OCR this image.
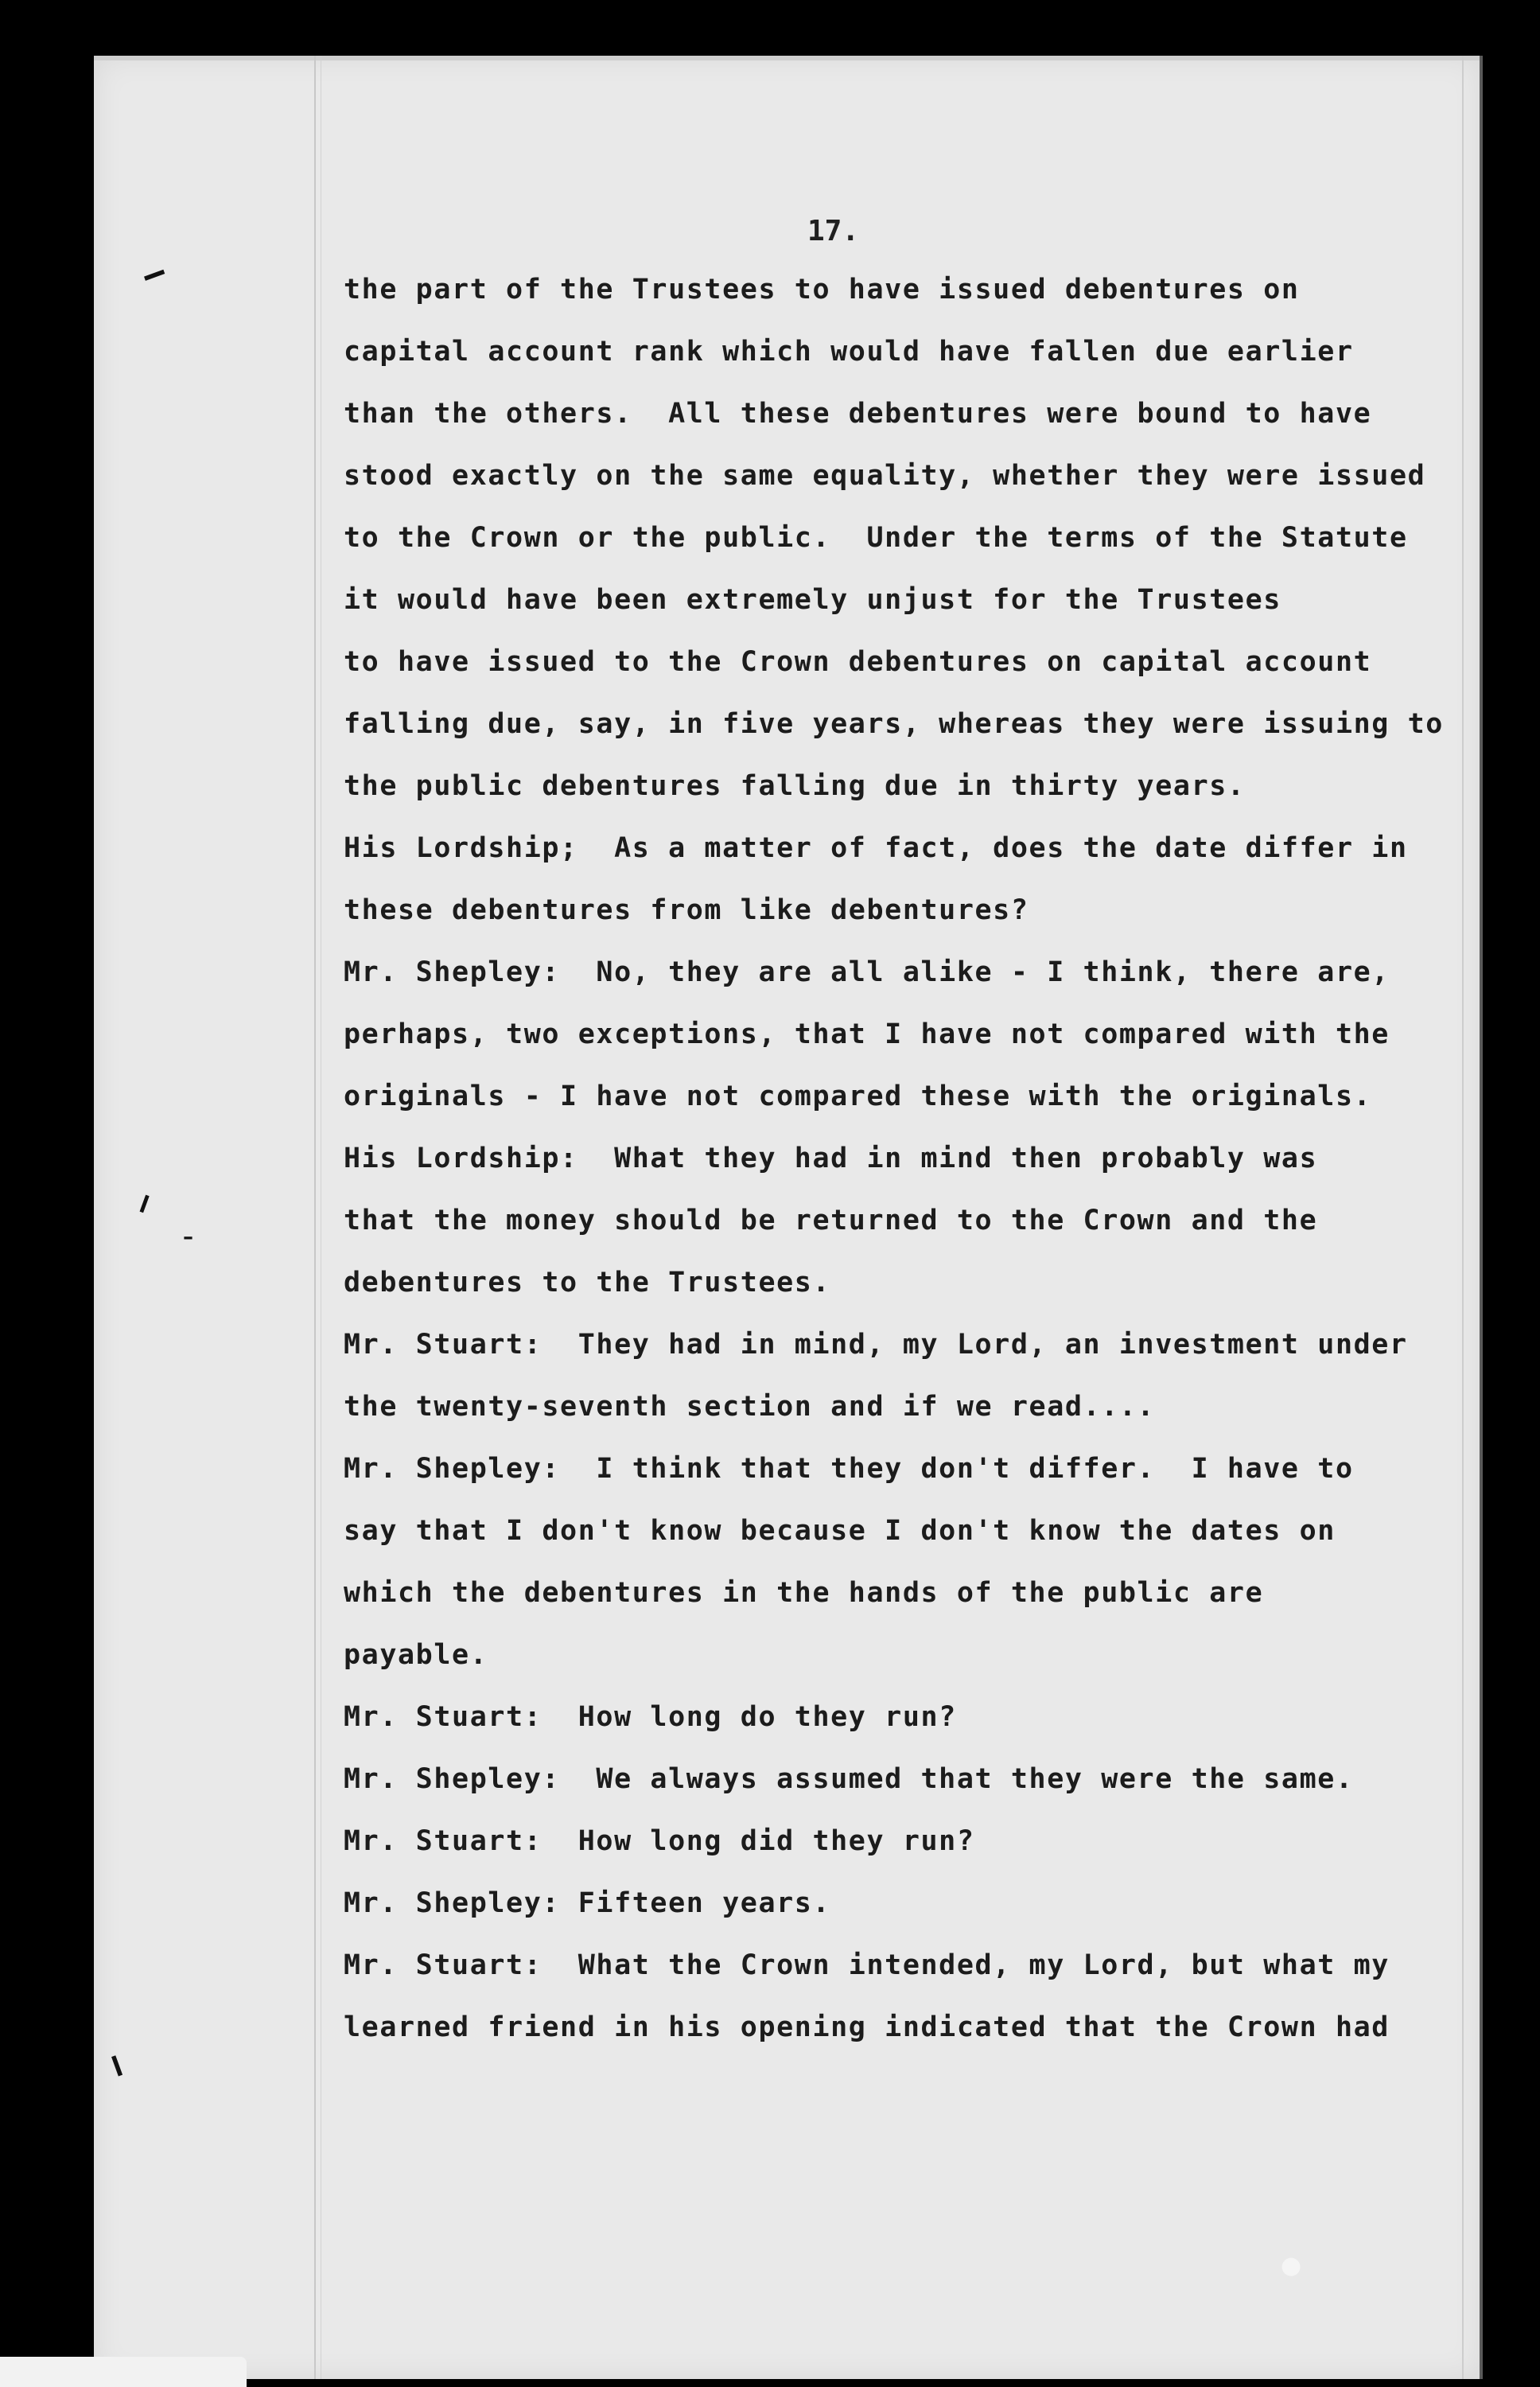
‒
‒
–
‒
●
17.
the part of the Trustees to have issued debentures on
capital account rank which would have fallen due earlier
than the others.  All these debentures were bound to have
stood exactly on the same equality, whether they were issued
to the Crown or the public.  Under the terms of the Statute
it would have been extremely unjust for the Trustees
to have issued to the Crown debentures on capital account
falling due, say, in five years, whereas they were issuing to
the public debentures falling due in thirty years.
His Lordship;  As a matter of fact, does the date differ in
these debentures from like debentures?
Mr. Shepley:  No, they are all alike - I think, there are,
perhaps, two exceptions, that I have not compared with the
originals - I have not compared these with the originals.
His Lordship:  What they had in mind then probably was
that the money should be returned to the Crown and the
debentures to the Trustees.
Mr. Stuart:  They had in mind, my Lord, an investment under
the twenty-seventh section and if we read....
Mr. Shepley:  I think that they don't differ.  I have to
say that I don't know because I don't know the dates on
which the debentures in the hands of the public are
payable.
Mr. Stuart:  How long do they run?
Mr. Shepley:  We always assumed that they were the same.
Mr. Stuart:  How long did they run?
Mr. Shepley: Fifteen years.
Mr. Stuart:  What the Crown intended, my Lord, but what my
learned friend in his opening indicated that the Crown had
